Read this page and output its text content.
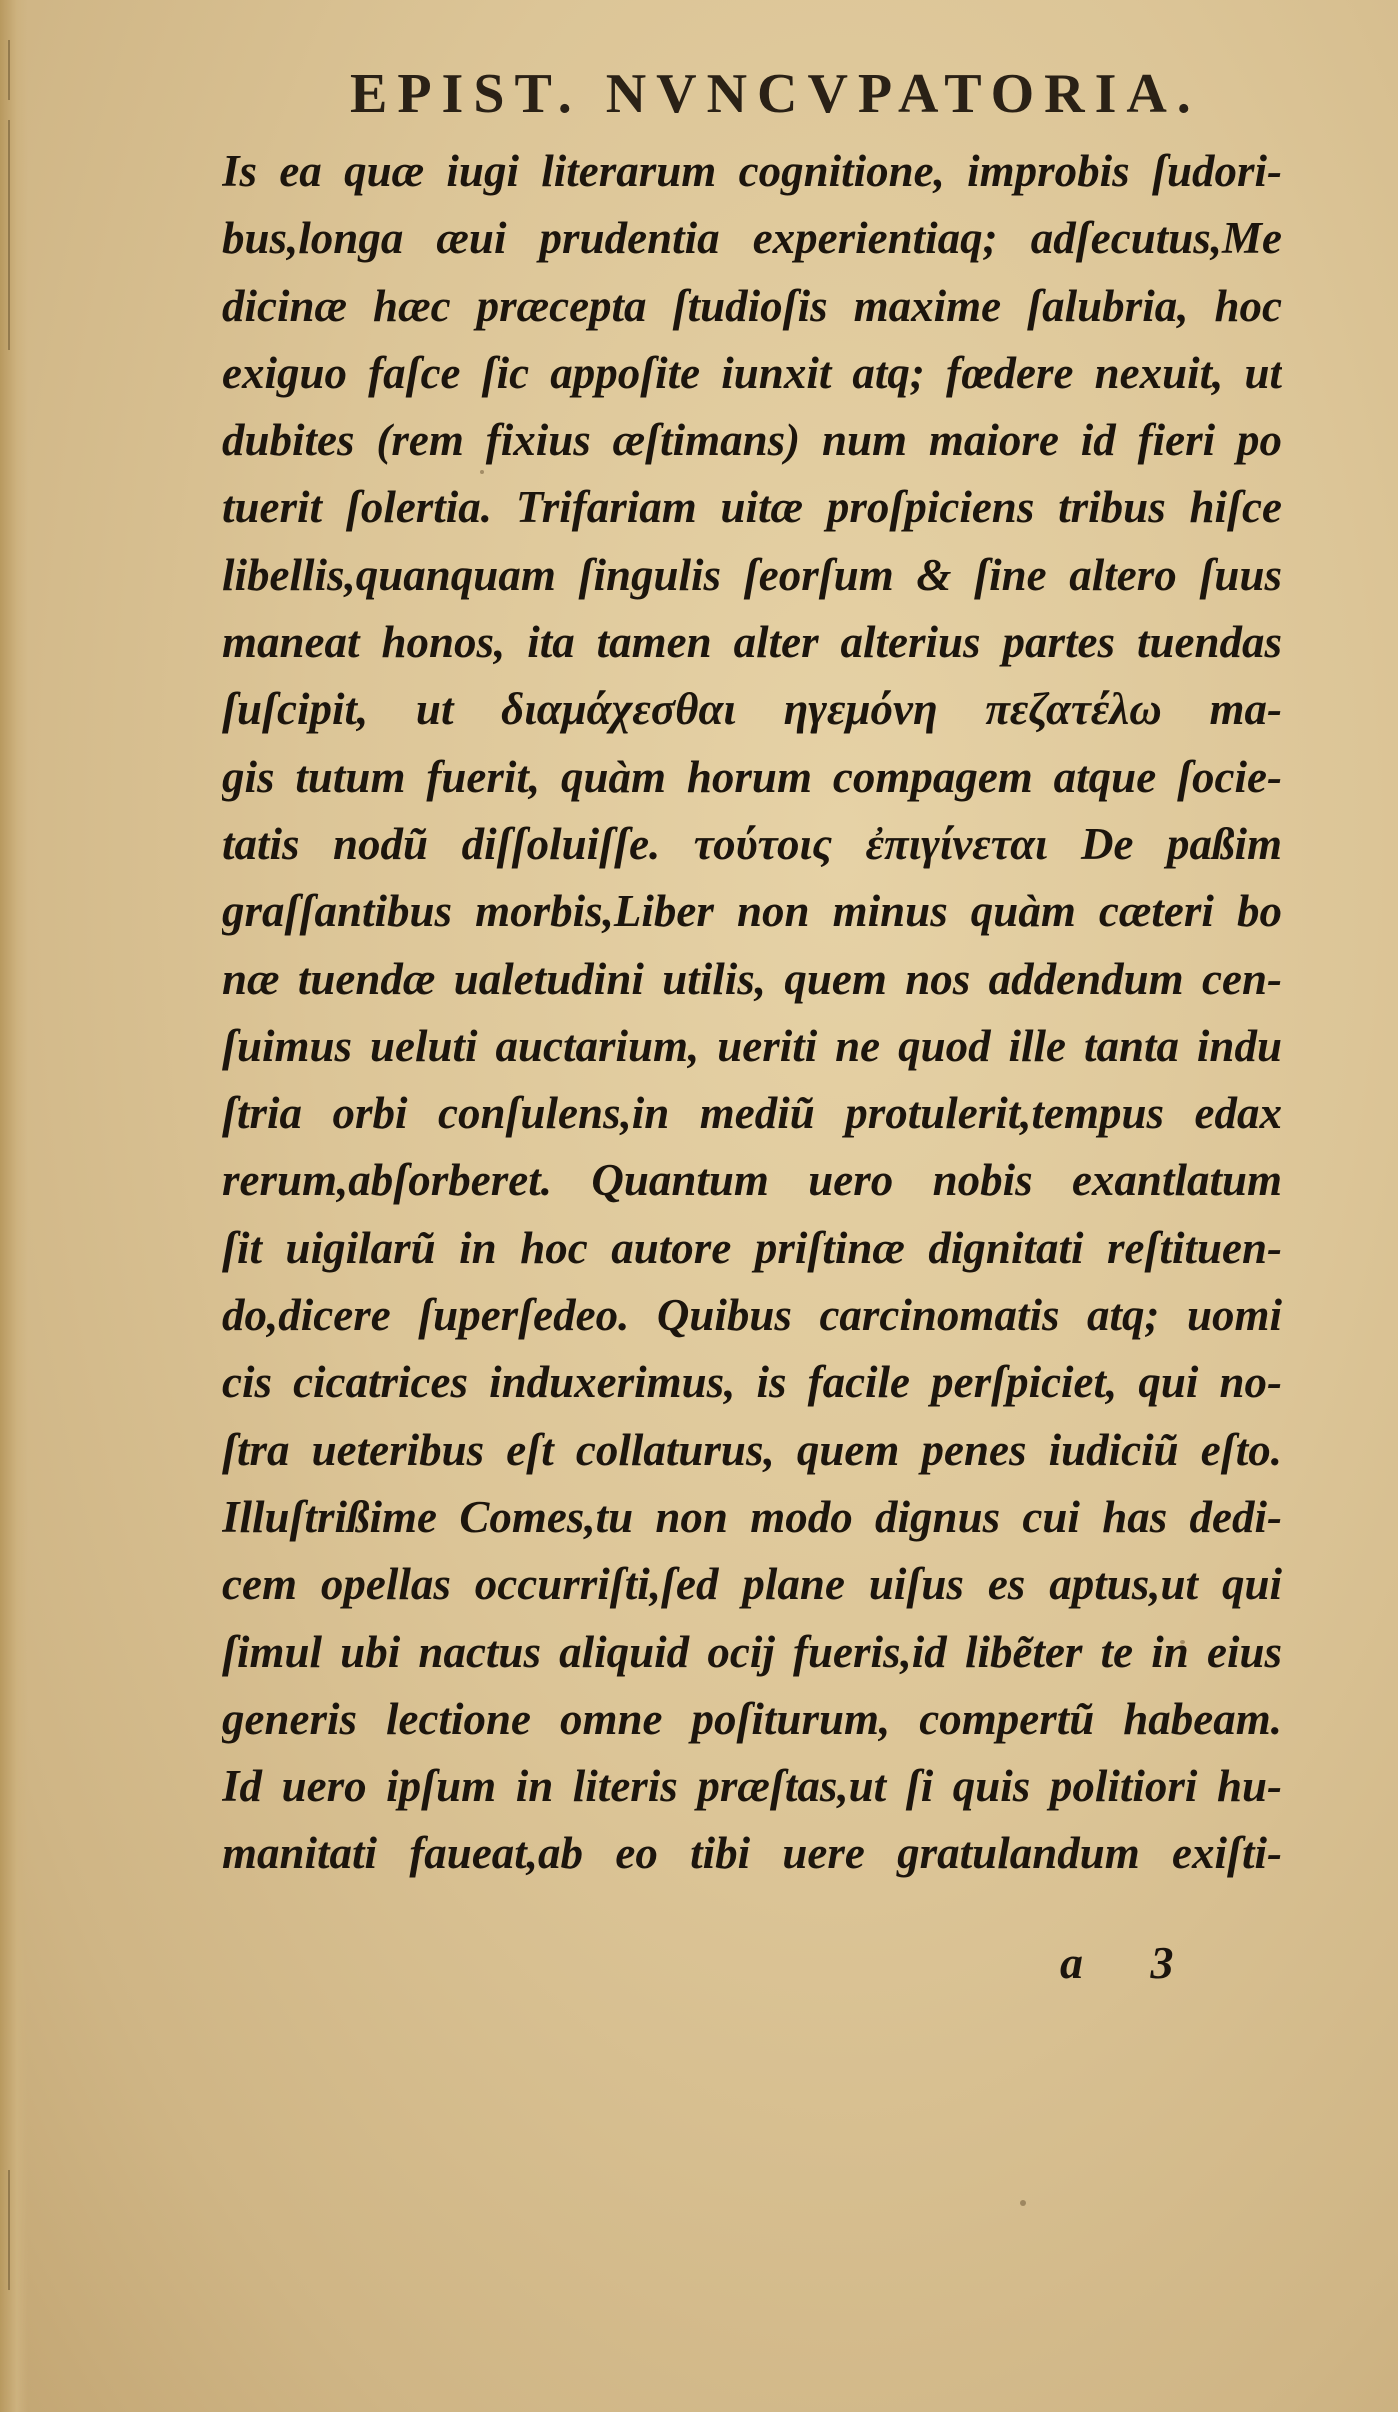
EPIST. NVNCVPATORIA.
Is ea quæ iugi literarum cognitione, improbis ſudori-
bus,longa æui prudentia experientiaq; adſecutus,Me
dicinæ hæc præcepta ſtudioſis maxime ſalubria, hoc
exiguo faſce ſic appoſite iunxit atq; fœdere nexuit, ut
dubites (rem fixius æſtimans) num maiore id fieri po
tuerit ſolertia. Trifariam uitæ proſpiciens tribus hiſce
libellis,quanquam ſingulis ſeorſum & ſine altero ſuus
maneat honos, ita tamen alter alterius partes tuendas
ſuſcipit, ut διαμάχεσθαι ηγεμόνη πεζατέλω ma-
gis tutum fuerit, quàm horum compagem atque ſocie-
tatis nodũ diſſoluiſſe. τούτοις ἐπιγίνεται De paßim
graſſantibus morbis,Liber non minus quàm cæteri bo
næ tuendæ ualetudini utilis, quem nos addendum cen-
ſuimus ueluti auctarium, ueriti ne quod ille tanta indu
ſtria orbi conſulens,in mediũ protulerit,tempus edax
rerum,abſorberet. Quantum uero nobis exantlatum
ſit uigilarũ in hoc autore priſtinæ dignitati reſtituen-
do,dicere ſuperſedeo. Quibus carcinomatis atq; uomi
cis cicatrices induxerimus, is facile perſpiciet, qui no-
ſtra ueteribus eſt collaturus, quem penes iudiciũ eſto.
Illuſtrißime Comes,tu non modo dignus cui has dedi-
cem opellas occurriſti,ſed plane uiſus es aptus,ut qui
ſimul ubi nactus aliquid ocij fueris,id libẽter te in eius
generis lectione omne poſiturum, compertũ habeam.
Id uero ipſum in literis præſtas,ut ſi quis politiori hu-
manitati faueat,ab eo tibi uere gratulandum exiſti-
a 3
